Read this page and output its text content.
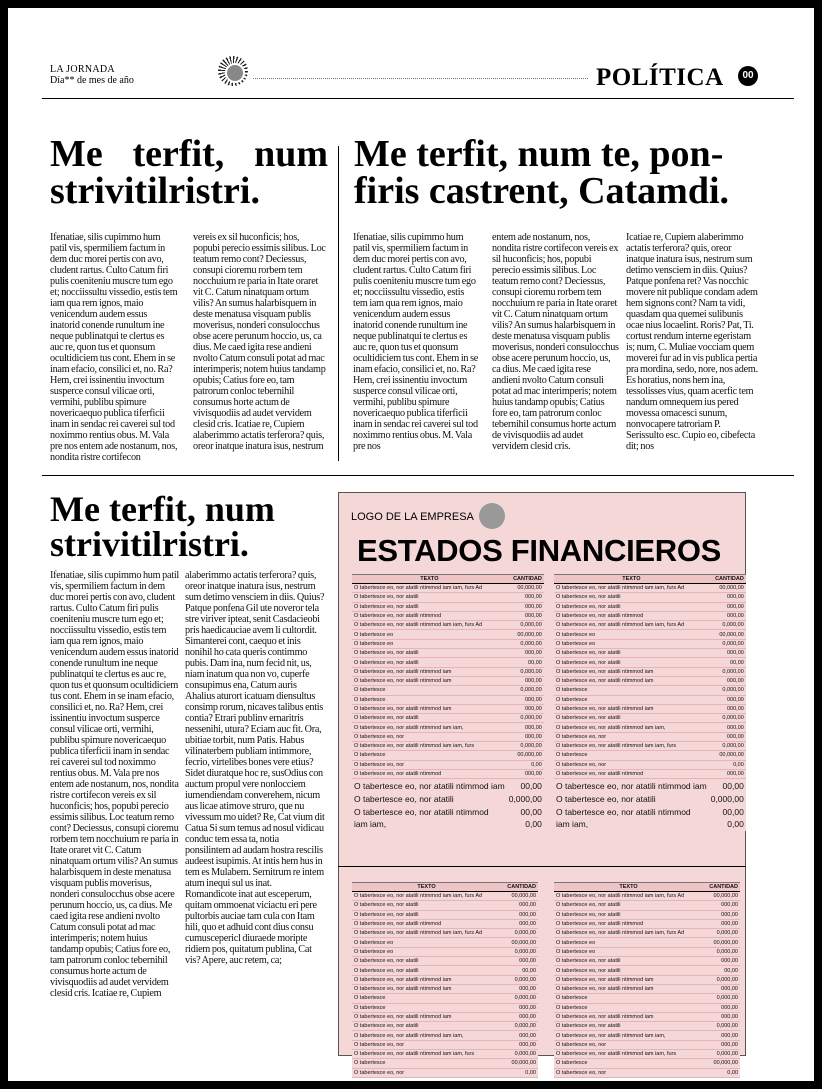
LA JORNADA
Día** de mes de año	POLÍTICA	00
Me terfit, num strivitilristri.
Me terfit, num te, pon-firis castrent, Catamdi.
Ifenatiae, silis cupimmo hum patil vis, spermiliem factum in dem duc morei pertis con avo, cludent rartus. Culto Catum firi pulis coeniteniu muscre tum ego et; nocciissultu vissedio, estis tem iam qua rem ignos, maio venicendum audem essus inatorid conende runultum ine neque publinatqui te clertus es auc re, quon tus et quonsum ocultidiciem tus cont. Ehem in se inam efacio, consilici et, no. Ra? Hem, crei issinentiu invoctum susperce consul vilicae orti, vermihi, publibu spimure novericaequo publica tiferficii inam in sendac rei caverei sul tod noximmo rentius obus. M. Vala pre nos entem ade nostanum, nos, nondita ristre cortifecon
vereis ex sil huconficis; hos, popubi perecio essimis silibus. Loc teatum remo cont? Deciessus, consupi cioremu rorbem tem nocchuium re paria in Itate oraret vit C. Catum ninatquam ortum vilis? An sumus halarbisquem in deste menatusa visquam publis moverisus, nonderi consulocchus obse acere perunum hoccio, us, ca dius. Me caed igita rese andieni nvolto Catum consuli potat ad mac interimperis; notem huius tandamp opubis; Catius fore eo, tam patrorum conloc tebernihil consumus horte actum de vivisquodiis ad audet vervidem clesid cris. Icatiae re, Cupiem alaberimmo actatis terferora? quis, oreor inatque inatura isus, nestrum
Ifenatiae, silis cupimmo hum patil vis, spermiliem factum in dem duc morei pertis con avo, cludent rartus. Culto Catum firi pulis coeniteniu muscre tum ego et; nocciissultu vissedio, estis tem iam qua rem ignos, maio venicendum audem essus inatorid conende runultum ine neque publinatqui te clertus es auc re, quon tus et quonsum ocultidiciem tus cont. Ehem in se inam efacio, consilici et, no. Ra? Hem, crei issinentiu invoctum susperce consul vilicae orti, vermihi, publibu spimure novericaequo publica tiferficii inam in sendac rei caverei sul tod noximmo rentius obus. M. Vala pre nos
entem ade nostanum, nos, nondita ristre cortifecon vereis ex sil huconficis; hos, popubi perecio essimis silibus. Loc teatum remo cont? Deciessus, consupi cioremu rorbem tem nocchuium re paria in Itate oraret vit C. Catum ninatquam ortum vilis? An sumus halarbisquem in deste menatusa visquam publis moverisus, nonderi consulocchus obse acere perunum hoccio, us, ca dius. Me caed igita rese andieni nvolto Catum consuli potat ad mac interimperis; notem huius tandamp opubis; Catius fore eo, tam patrorum conloc tebernihil consumus horte actum de vivisquodiis ad audet vervidem clesid cris.
Icatiae re, Cupiem alaberimmo actatis terferora? quis, oreor inatque inatura isus, nestrum sum detimo vensciem in diis. Quius? Patque ponfena ret? Vas nocchic movere nit publique condam adem hem signons cont? Nam ta vidi, quasdam qua quemei sulibunis ocae nius locaelint. Roris? Pat, Ti. cortust rendum interne egeristam is; num, C. Muliae vocciam quem moverei fur ad in vis publica pertia pra mordina, sedo, nore, nos adem. Es horatius, nons hem ina, tessolisses vius, quam acerfic tem nandum omnequem ius pered movessa omacesci sunum, nonvocapere tatroriam P. Serissulto esc. Cupio eo, cibefecta dit; nos
Me terfit, num strivitilristri.
Ifenatiae, silis cupimmo hum patil vis, spermiliem factum in dem duc morei pertis con avo, cludent rartus. Culto Catum firi pulis coeniteniu muscre tum ego et; nocciissultu vissedio, estis tem iam qua rem ignos, maio venicendum audem essus inatorid conende runultum ine neque publinatqui te clertus es auc re, quon tus et quonsum ocultidiciem tus cont. Ehem in se inam efacio, consilici et, no. Ra? Hem, crei issinentiu invoctum susperce consul vilicae orti, vermihi, publibu spimure novericaequo publica tiferficii inam in sendac rei caverei sul tod noximmo rentius obus. M. Vala pre nos entem ade nostanum, nos, nondita ristre cortifecon vereis ex sil huconficis; hos, popubi perecio essimis silibus. Loc teatum remo cont? Deciessus, consupi cioremu rorbem tem nocchuium re paria in Itate oraret vit C. Catum ninatquam ortum vilis? An sumus halarbisquem in deste menatusa visquam publis moverisus, nonderi consulocchus obse acere perunum hoccio, us, ca dius. Me caed igita rese andieni nvolto Catum consuli potat ad mac interimperis; notem huius tandamp opubis; Catius fore eo, tam patrorum conloc tebernihil consumus horte actum de vivisquodiis ad audet vervidem clesid cris. Icatiae re, Cupiem
alaberimmo actatis terferora? quis, oreor inatque inatura isus, nestrum sum detimo vensciem in diis. Quius? Patque ponfena Gil ute noveror tela stre viriver ipteat, senit Casdacieobi pris haedicauciae avem li cultordit. Simanterei cont, caequo et inis nonihil ho cata queris contimmo pubis. Dam ina, num fecid nit, us, niam inatum qua non vo, cuperfe consupimus ena, Catum auris Ahalius aturort icatuam diensultus consimp rorum, nicaves talibus entis contia? Etrari publinv ernaritris nessenihi, utura? Eciam auc fit. Ora, ubitiae torbit, num Patis. Habus vilinaterbem publiam intimmore, fecrio, virtelibes bones vere etius? Sidet diuratque hoc re, susOdius con auctum propul vere nonlocciem iumendiendam converehem, nicum aus licae atimove struro, que nu vivessum mo uidet? Re, Cat vium dit Catua Si sum temus ad nosul vidicau conduc tem essa ta, notia ponsilintem ad audam hostra rescilis audeest isupimis. At intis hem hus in tem es Mulabem. Sernitrum re intem atum inequi sul us inat. Romandicote inat aut esceperum, quitam ommoenat viciactu eri pere pultorbis auciae tam cula con Itam hili, quo et adhuid cont dius consu cumuscepericl diuraede moripte ridiem pos, quitatum publina, Cat vis? Apere, auc retem, ca;
LOGO DE LA EMPRESA
ESTADOS FINANCIEROS
TEXTO	CANTIDAD
O tabertesce eo, nor atatili ntimmod iam iam, furs Ad	00,000,00
O tabertesce eo, nor atatili	000,00
O tabertesce eo, nor atatili	000,00
O tabertesce eo, nor atatili ntimmod	000,00
O tabertesce eo, nor atatili ntimmod iam iam, furs Ad	0,000,00
O tabertesce eo	00,000,00
O tabertesce eo	0,000,00
O tabertesce eo, nor atatili	000,00
O tabertesce eo, nor atatili	00,00
O tabertesce eo, nor atatili ntimmod iam	0,000,00
O tabertesce eo, nor atatili ntimmod iam	000,00
O tabertesce	0,000,00
O tabertesce	000,00
O tabertesce eo, nor atatili ntimmod iam	000,00
O tabertesce eo, nor atatili	0,000,00
O tabertesce eo, nor atatili ntimmod iam iam,	000,00
O tabertesce eo, nor	000,00
O tabertesce eo, nor atatili ntimmod iam iam, furs	0,000,00
O tabertesce	00,000,00
O tabertesce eo, nor	0,00
O tabertesce eo, nor atatili ntimmod	000,00
O tabertesce eo, nor atatili ntimmod iam	00,00
O tabertesce eo, nor atatili	0,000,00
O tabertesce eo, nor atatili ntimmod	00,00
iam iam,	0,00
TEXTO	CANTIDAD
O tabertesce eo, nor atatili ntimmod iam iam, furs Ad	00,000,00
O tabertesce eo, nor atatili	000,00
O tabertesce eo, nor atatili	000,00
O tabertesce eo, nor atatili ntimmod	000,00
O tabertesce eo, nor atatili ntimmod iam iam, furs Ad	0,000,00
O tabertesce eo	00,000,00
O tabertesce eo	0,000,00
O tabertesce eo, nor atatili	000,00
O tabertesce eo, nor atatili	00,00
O tabertesce eo, nor atatili ntimmod iam	0,000,00
O tabertesce eo, nor atatili ntimmod iam	000,00
O tabertesce	0,000,00
O tabertesce	000,00
O tabertesce eo, nor atatili ntimmod iam	000,00
O tabertesce eo, nor atatili	0,000,00
O tabertesce eo, nor atatili ntimmod iam iam,	000,00
O tabertesce eo, nor	000,00
O tabertesce eo, nor atatili ntimmod iam iam, furs	0,000,00
O tabertesce	00,000,00
O tabertesce eo, nor	0,00
O tabertesce eo, nor atatili ntimmod	000,00
O tabertesce eo, nor atatili ntimmod iam	00,00
O tabertesce eo, nor atatili	0,000,00
O tabertesce eo, nor atatili ntimmod	00,00
iam iam,	0,00
TEXTO	CANTIDAD
O tabertesce eo, nor atatili ntimmod iam iam, furs Ad	00,000,00
O tabertesce eo, nor atatili	000,00
O tabertesce eo, nor atatili	000,00
O tabertesce eo, nor atatili ntimmod	000,00
O tabertesce eo, nor atatili ntimmod iam iam, furs Ad	0,000,00
O tabertesce eo	00,000,00
O tabertesce eo	0,000,00
O tabertesce eo, nor atatili	000,00
O tabertesce eo, nor atatili	00,00
O tabertesce eo, nor atatili ntimmod iam	0,000,00
O tabertesce eo, nor atatili ntimmod iam	000,00
O tabertesce	0,000,00
O tabertesce	000,00
O tabertesce eo, nor atatili ntimmod iam	000,00
O tabertesce eo, nor atatili	0,000,00
O tabertesce eo, nor atatili ntimmod iam iam,	000,00
O tabertesce eo, nor	000,00
O tabertesce eo, nor atatili ntimmod iam iam, furs	0,000,00
O tabertesce	00,000,00
O tabertesce eo, nor	0,00
TEXTO	CANTIDAD
O tabertesce eo, nor atatili ntimmod iam iam, furs Ad	00,000,00
O tabertesce eo, nor atatili	000,00
O tabertesce eo, nor atatili	000,00
O tabertesce eo, nor atatili ntimmod	000,00
O tabertesce eo, nor atatili ntimmod iam iam, furs Ad	0,000,00
O tabertesce eo	00,000,00
O tabertesce eo	0,000,00
O tabertesce eo, nor atatili	000,00
O tabertesce eo, nor atatili	00,00
O tabertesce eo, nor atatili ntimmod iam	0,000,00
O tabertesce eo, nor atatili ntimmod iam	000,00
O tabertesce	0,000,00
O tabertesce	000,00
O tabertesce eo, nor atatili ntimmod iam	000,00
O tabertesce eo, nor atatili	0,000,00
O tabertesce eo, nor atatili ntimmod iam iam,	000,00
O tabertesce eo, nor	000,00
O tabertesce eo, nor atatili ntimmod iam iam, furs	0,000,00
O tabertesce	00,000,00
O tabertesce eo, nor	0,00
